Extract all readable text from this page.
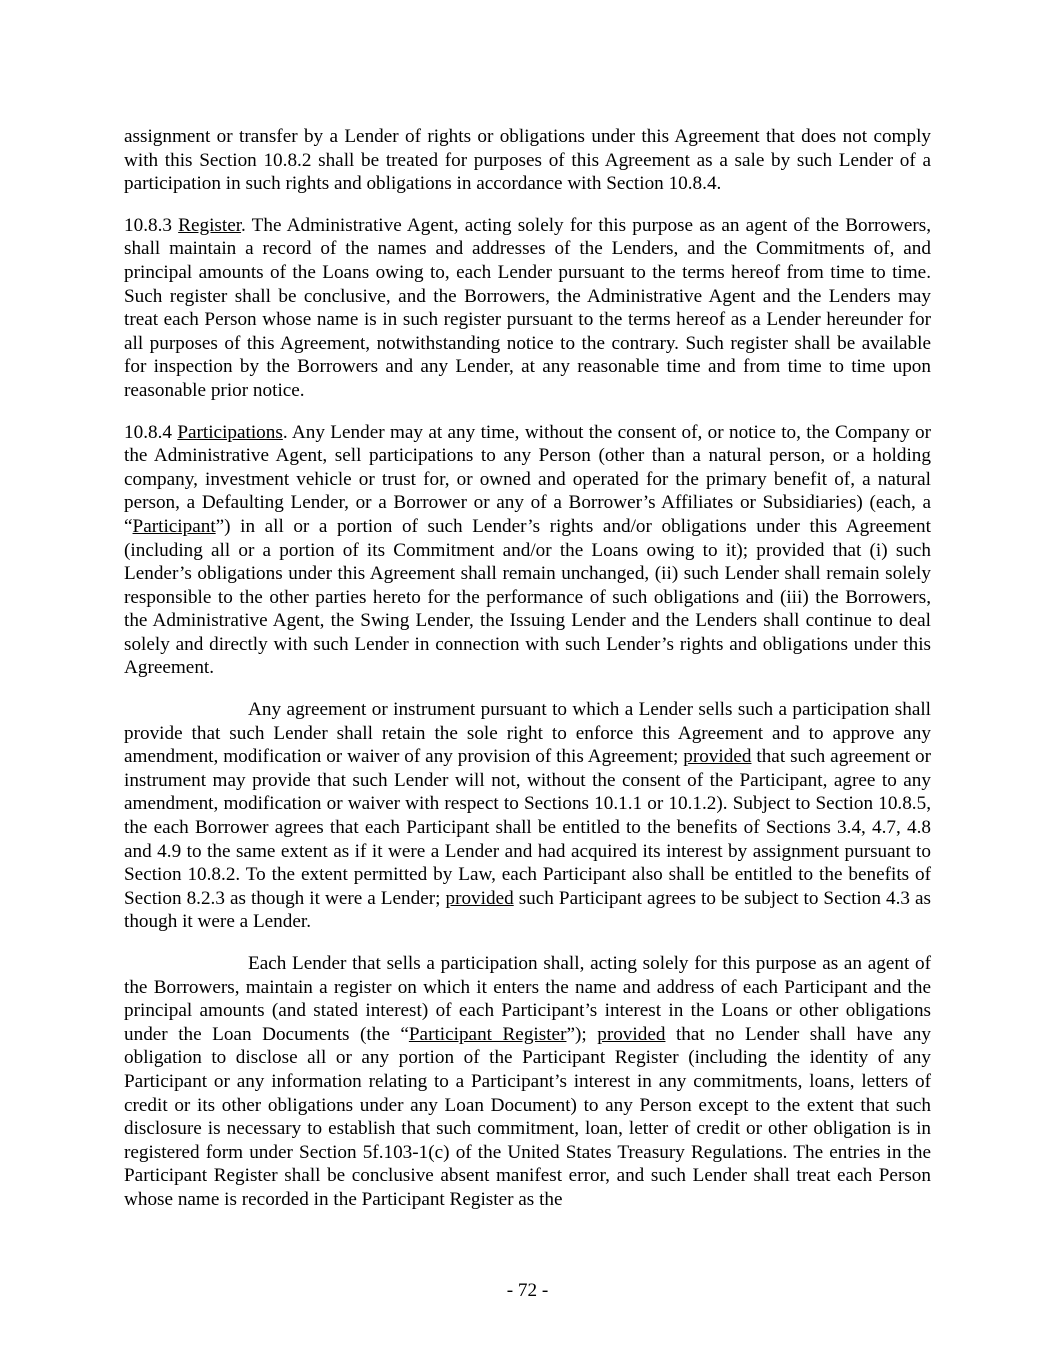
assignment or transfer by a Lender of rights or obligations under this Agreement that does not comply with this Section 10.8.2 shall be treated for purposes of this Agreement as a sale by such Lender of a participation in such rights and obligations in accordance with Section 10.8.4.

10.8.3 Register. The Administrative Agent, acting solely for this purpose as an agent of the Borrowers, shall maintain a record of the names and addresses of the Lenders, and the Commitments of, and principal amounts of the Loans owing to, each Lender pursuant to the terms hereof from time to time. Such register shall be conclusive, and the Borrowers, the Administrative Agent and the Lenders may treat each Person whose name is in such register pursuant to the terms hereof as a Lender hereunder for all purposes of this Agreement, notwithstanding notice to the contrary. Such register shall be available for inspection by the Borrowers and any Lender, at any reasonable time and from time to time upon reasonable prior notice.

10.8.4 Participations. Any Lender may at any time, without the consent of, or notice to, the Company or the Administrative Agent, sell participations to any Person (other than a natural person, or a holding company, investment vehicle or trust for, or owned and operated for the primary benefit of, a natural person, a Defaulting Lender, or a Borrower or any of a Borrower’s Affiliates or Subsidiaries) (each, a “Participant”) in all or a portion of such Lender’s rights and/or obligations under this Agreement (including all or a portion of its Commitment and/or the Loans owing to it); provided that (i) such Lender’s obligations under this Agreement shall remain unchanged, (ii) such Lender shall remain solely responsible to the other parties hereto for the performance of such obligations and (iii) the Borrowers, the Administrative Agent, the Swing Lender, the Issuing Lender and the Lenders shall continue to deal solely and directly with such Lender in connection with such Lender’s rights and obligations under this Agreement.

Any agreement or instrument pursuant to which a Lender sells such a participation shall provide that such Lender shall retain the sole right to enforce this Agreement and to approve any amendment, modification or waiver of any provision of this Agreement; provided that such agreement or instrument may provide that such Lender will not, without the consent of the Participant, agree to any amendment, modification or waiver with respect to Sections 10.1.1 or 10.1.2). Subject to Section 10.8.5, the each Borrower agrees that each Participant shall be entitled to the benefits of Sections 3.4, 4.7, 4.8 and 4.9 to the same extent as if it were a Lender and had acquired its interest by assignment pursuant to Section 10.8.2. To the extent permitted by Law, each Participant also shall be entitled to the benefits of Section 8.2.3 as though it were a Lender; provided such Participant agrees to be subject to Section 4.3 as though it were a Lender.

Each Lender that sells a participation shall, acting solely for this purpose as an agent of the Borrowers, maintain a register on which it enters the name and address of each Participant and the principal amounts (and stated interest) of each Participant’s interest in the Loans or other obligations under the Loan Documents (the “Participant Register”); provided that no Lender shall have any obligation to disclose all or any portion of the Participant Register (including the identity of any Participant or any information relating to a Participant’s interest in any commitments, loans, letters of credit or its other obligations under any Loan Document) to any Person except to the extent that such disclosure is necessary to establish that such commitment, loan, letter of credit or other obligation is in registered form under Section 5f.103-1(c) of the United States Treasury Regulations. The entries in the Participant Register shall be conclusive absent manifest error, and such Lender shall treat each Person whose name is recorded in the Participant Register as the

- 72 -
